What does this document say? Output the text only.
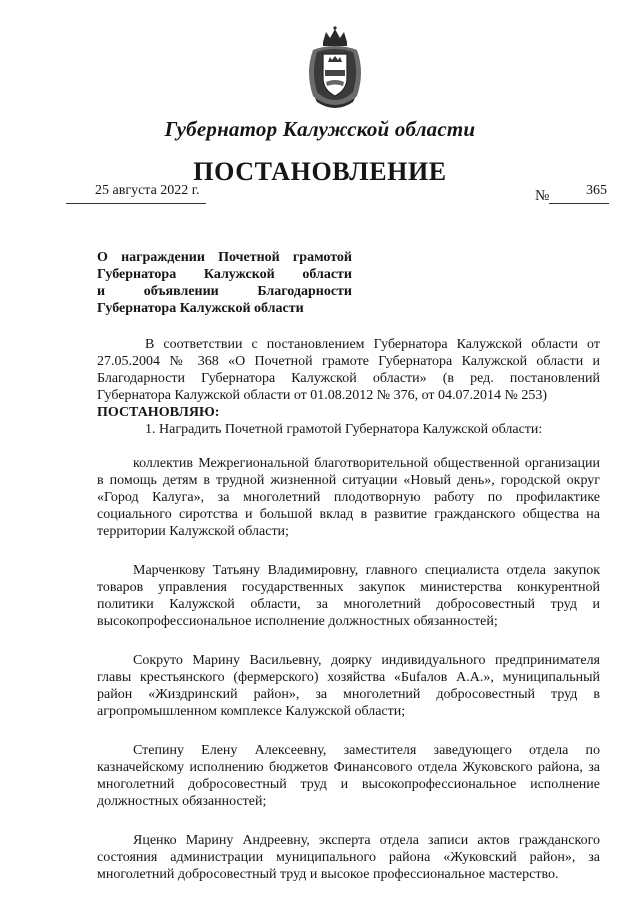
Губернатор Калужской области
ПОСТАНОВЛЕНИЕ
25 августа 2022 г.	№	365
О награждении Почетной грамотой
Губернатора Калужской области
и объявлении Благодарности
Губернатора Калужской области

В соответствии с постановлением Губернатора Калужской области от 27.05.2004 № 368 «О Почетной грамоте Губернатора Калужской области и Благодарности Губернатора Калужской области» (в ред. постановлений Губернатора Калужской области от 01.08.2012 № 376, от 04.07.2014 № 253)

ПОСТАНОВЛЯЮ:

1. Наградить Почетной грамотой Губернатора Калужской области:

коллектив Межрегиональной благотворительной общественной организации в помощь детям в трудной жизненной ситуации «Новый день», городской округ «Город Калуга», за многолетний плодотворную работу по профилактике социального сиротства и большой вклад в развитие гражданского общества на территории Калужской области;

Марченкову Татьяну Владимировну, главного специалиста отдела закупок товаров управления государственных закупок министерства конкурентной политики Калужской области, за многолетний добросовестный труд и высокопрофессиональное исполнение должностных обязанностей;

Сокруто Марину Васильевну, доярку индивидуального предпринимателя главы крестьянского (фермерского) хозяйства «Бufaлов А.А.», муниципальный район «Жиздринский район», за многолетний добросовестный труд в агропромышленном комплексе Калужской области;

Степину Елену Алексеевну, заместителя заведующего отдела по казначейскому исполнению бюджетов Финансового отдела Жуковского района, за многолетний добросовестный труд и высокопрофессиональное исполнение должностных обязанностей;

Яценко Марину Андреевну, эксперта отдела записи актов гражданского состояния администрации муниципального района «Жуковский район», за многолетний добросовестный труд и высокое профессиональное мастерство.
